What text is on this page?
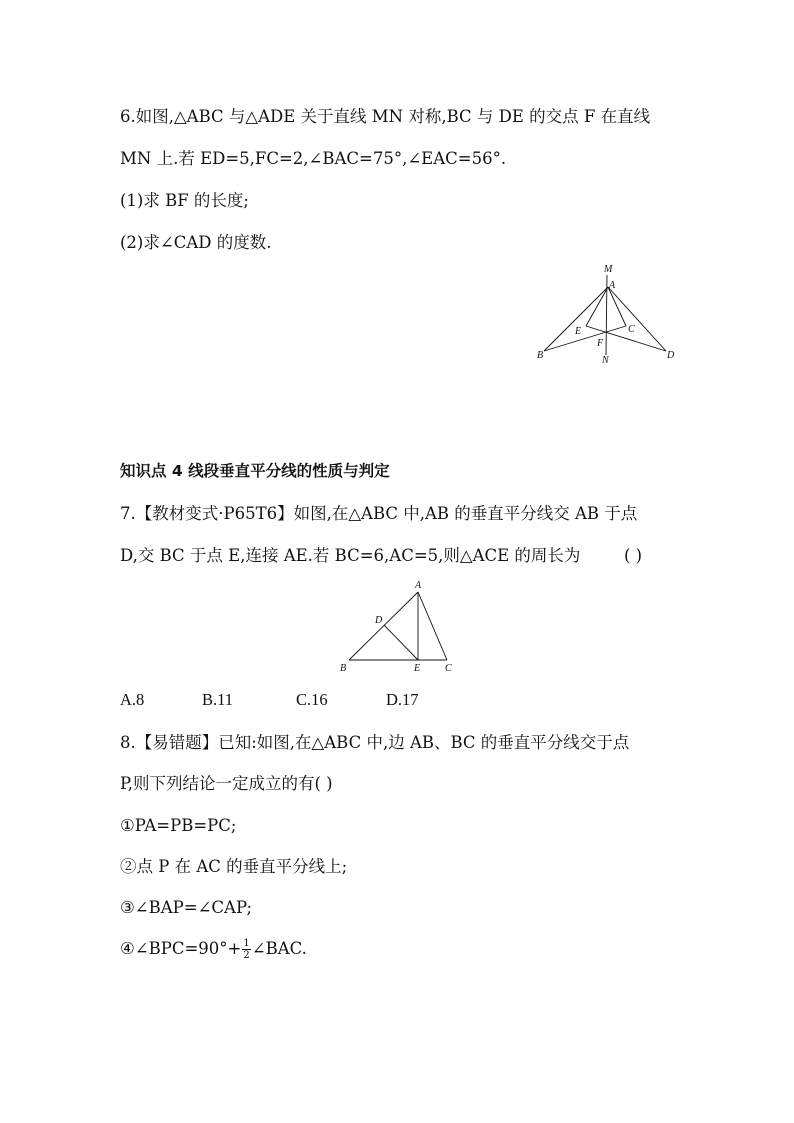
6.如图,△ABC 与△ADE 关于直线 MN 对称,BC 与 DE 的交点 F 在直线
MN 上.若 ED=5,FC=2,∠BAC=75°,∠EAC=56°.
(1)求 BF 的长度;
(2)求∠CAD 的度数.
M
A
E	C
F
B	N	D
知识点 4 线段垂直平分线的性质与判定
7.【教材变式·P65T6】如图,在△ABC 中,AB 的垂直平分线交 AB 于点
D,交 BC 于点 E,连接 AE.若 BC=6,AC=5,则△ACE 的周长为	( )
A
D
B	E C
A.8	B.11	C.16	D.17
8.【易错题】已知:如图,在△ABC 中,边 AB、BC 的垂直平分线交于点
P,则下列结论一定成立的有( )
①PA=PB=PC;
②点 P 在 AC 的垂直平分线上;
③∠BAP=∠CAP;
④∠BPC=90°+ $\frac{1}{2}$ ∠BAC.
